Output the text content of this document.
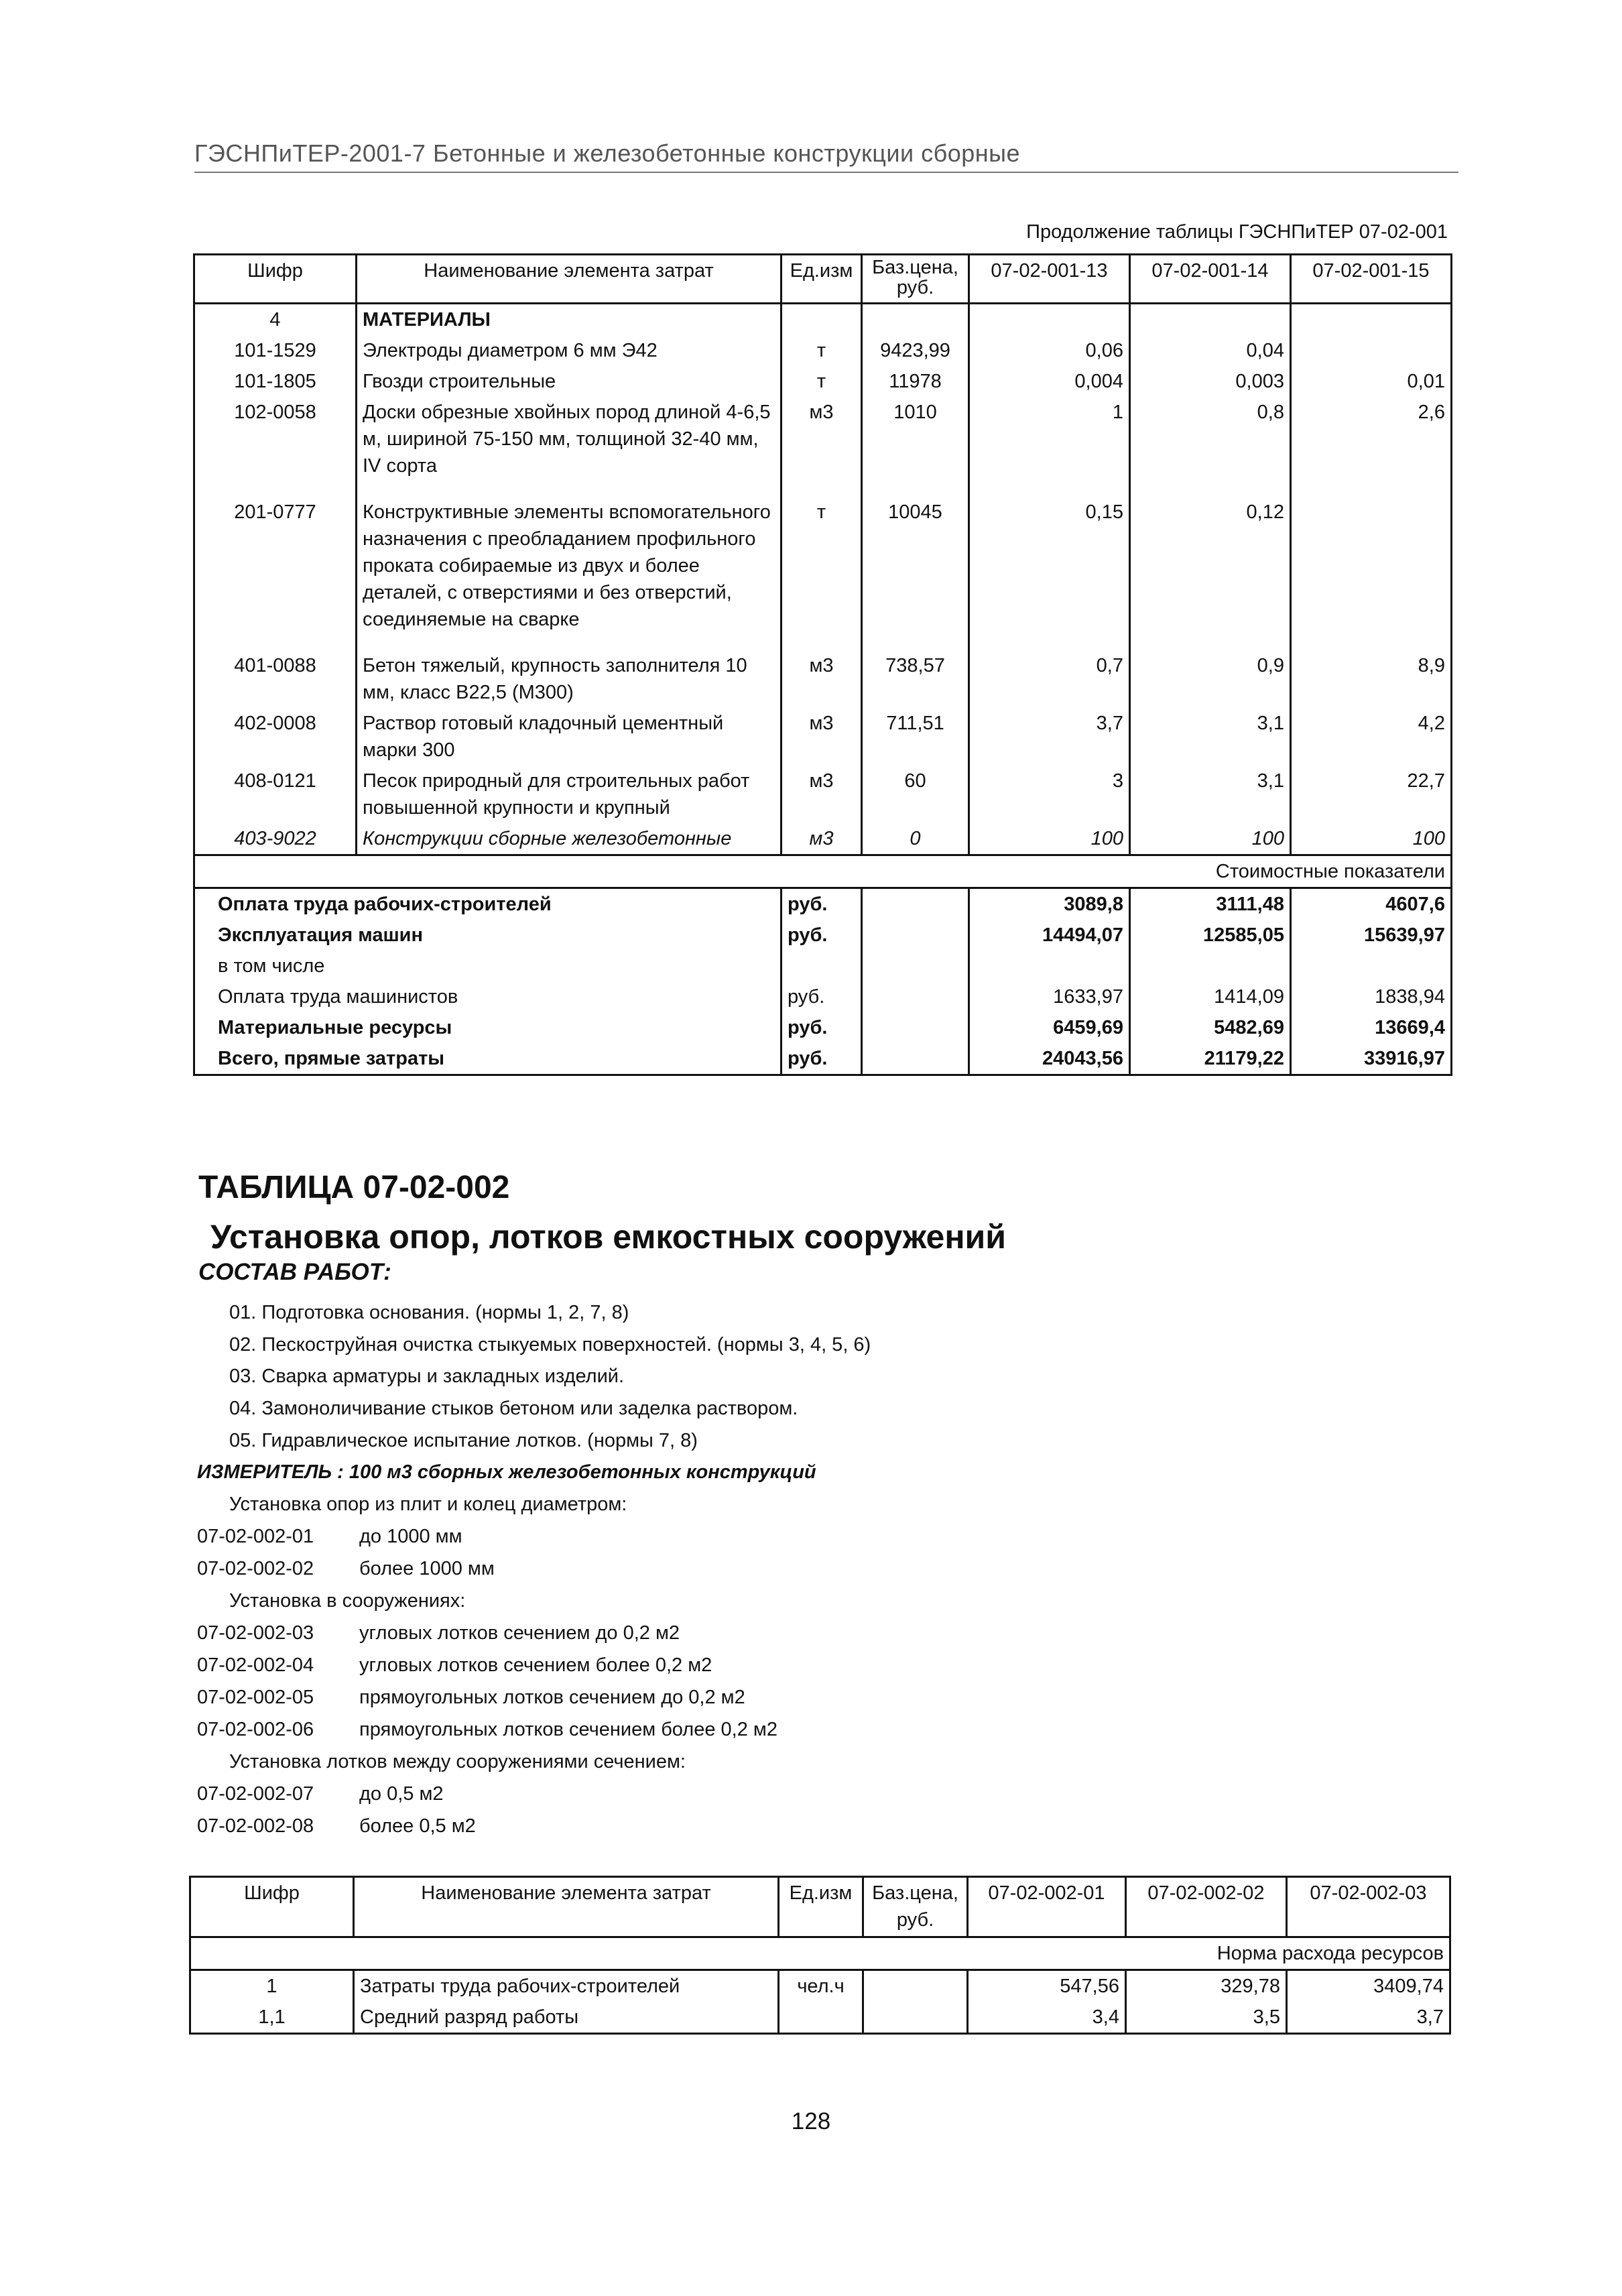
ГЭСНПиТЕР-2001-7 Бетонные и железобетонные конструкции сборные
Продолжение таблицы ГЭСНПиТЕР 07-02-001
Шифр	Наименование элемента затрат	Ед.изм	Баз.цена, руб.	07-02-001-13	07-02-001-14	07-02-001-15
4	МАТЕРИАЛЫ					
101-1529	Электроды диаметром 6 мм Э42	т	9423,99	0,06	0,04	
101-1805	Гвозди строительные	т	11978	0,004	0,003	0,01
102-0058	Доски обрезные хвойных пород длиной 4-6,5 м, шириной 75-150 мм, толщиной 32-40 мм, IV сорта	м3	1010	1	0,8	2,6
201-0777	Конструктивные элементы вспомогательного назначения с преобладанием профильного проката собираемые из двух и более деталей, с отверстиями и без отверстий, соединяемые на сварке	т	10045	0,15	0,12	
401-0088	Бетон тяжелый, крупность заполнителя 10 мм, класс В22,5 (М300)	м3	738,57	0,7	0,9	8,9
402-0008	Раствор готовый кладочный цементный марки 300	м3	711,51	3,7	3,1	4,2
408-0121	Песок природный для строительных работ повышенной крупности и крупный	м3	60	3	3,1	22,7
403-9022	Конструкции сборные железобетонные	м3	0	100	100	100
Стоимостные показатели						
Оплата труда рабочих-строителей		руб.		3089,8	3111,48	4607,6
Эксплуатация машин		руб.		14494,07	12585,05	15639,97
в том числе						
Оплата труда машинистов		руб.		1633,97	1414,09	1838,94
Материальные ресурсы		руб.		6459,69	5482,69	13669,4
Всего, прямые затраты		руб.		24043,56	21179,22	33916,97
ТАБЛИЦА 07-02-002
Установка опор, лотков емкостных сооружений
СОСТАВ РАБОТ:
01. Подготовка основания. (нормы 1, 2, 7, 8)
02. Пескоструйная очистка стыкуемых поверхностей. (нормы 3, 4, 5, 6)
03. Сварка арматуры и закладных изделий.
04. Замоноличивание стыков бетоном или заделка раствором.
05. Гидравлическое испытание лотков. (нормы 7, 8)
ИЗМЕРИТЕЛЬ : 100 м3 сборных железобетонных конструкций
Установка опор из плит и колец диаметром:
07-02-002-01 до 1000 мм
07-02-002-02 более 1000 мм
Установка в сооружениях:
07-02-002-03 угловых лотков сечением до 0,2 м2
07-02-002-04 угловых лотков сечением более 0,2 м2
07-02-002-05 прямоугольных лотков сечением до 0,2 м2
07-02-002-06 прямоугольных лотков сечением более 0,2 м2
Установка лотков между сооружениями сечением:
07-02-002-07 до 0,5 м2
07-02-002-08 более 0,5 м2
Шифр	Наименование элемента затрат	Ед.изм	Баз.цена, руб.	07-02-002-01	07-02-002-02	07-02-002-03
Норма расхода ресурсов						
1	Затраты труда рабочих-строителей	чел.ч		547,56	329,78	3409,74
1,1	Средний разряд работы			3,4	3,5	3,7
128
